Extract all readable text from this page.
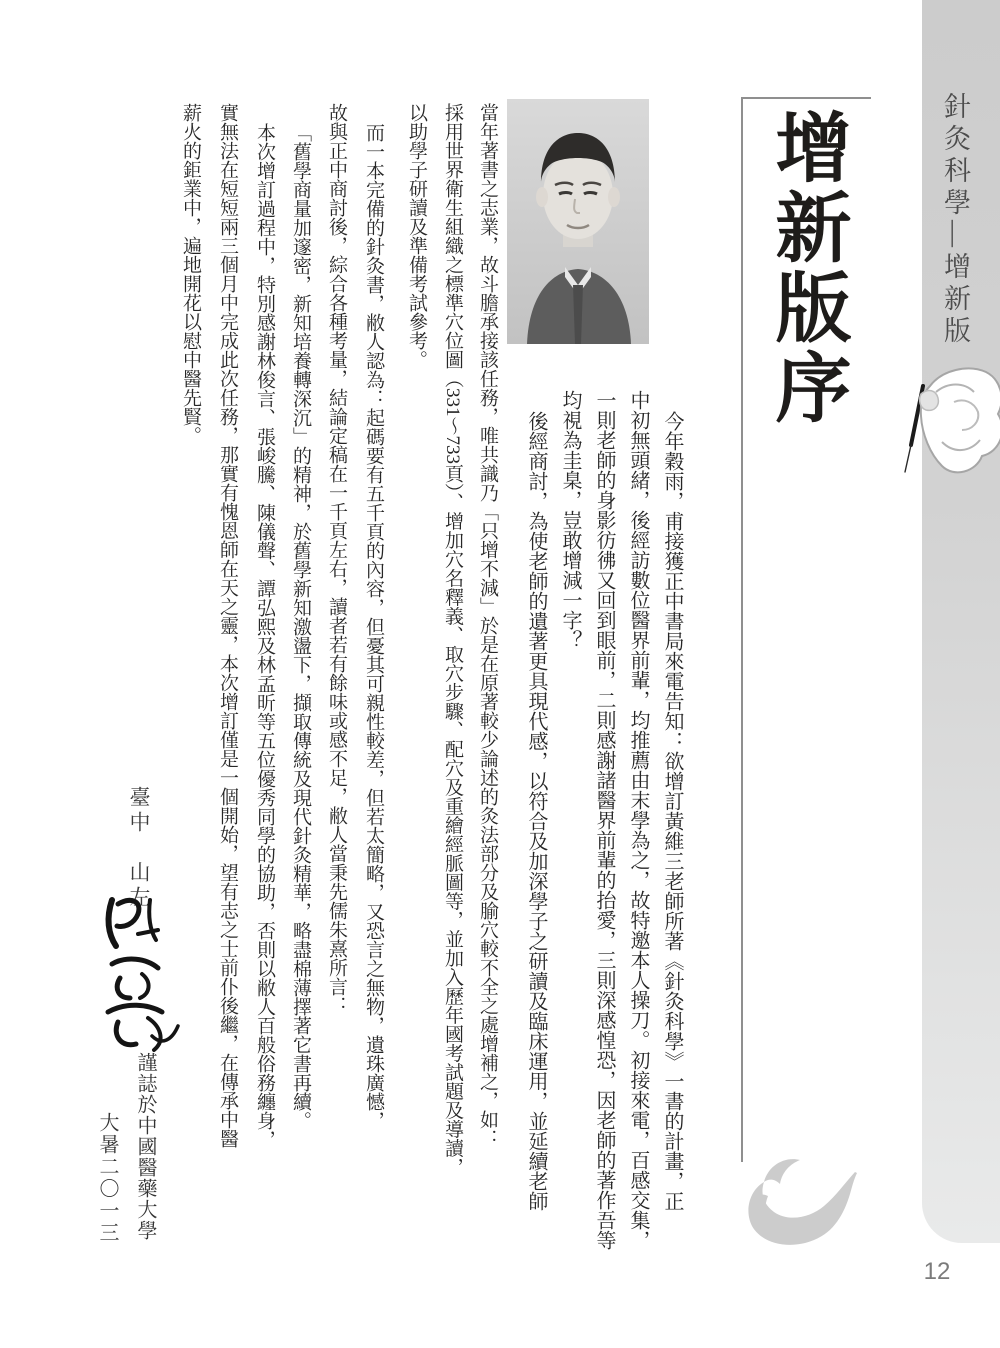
針灸科學—增新版
增新版序
今年穀雨，甫接獲正中書局來電告知：欲增訂黃維三老師所著《針灸科學》一書的計畫，正
中初無頭緒，後經訪數位醫界前輩，均推薦由末學為之，故特邀本人操刀。初接來電，百感交集，
一則老師的身影彷彿又回到眼前，二則感謝諸醫界前輩的抬愛，三則深感惶恐，因老師的著作吾等
均視為圭臬，豈敢增減一字？
後經商討，為使老師的遺著更具現代感，以符合及加深學子之研讀及臨床運用，並延續老師
當年著書之志業，故斗膽承接該任務，唯共識乃「只增不減」於是在原著較少論述的灸法部分及腧穴較不全之處增補之，如：
採用世界衛生組織之標準穴位圖（331～733頁）、增加穴名釋義、取穴步驟、配穴及重繪經脈圖等，並加入歷年國考試題及導讀，
以助學子研讀及準備考試參考。
而一本完備的針灸書，敝人認為：起碼要有五千頁的內容，但憂其可親性較差，但若太簡略，又恐言之無物，遺珠廣憾，
故與正中商討後，綜合各種考量，結論定稿在一千頁左右，讀者若有餘味或感不足，敝人當秉先儒朱熹所言：
「舊學商量加邃密，新知培養轉深沉」的精神，於舊學新知激盪下，擷取傳統及現代針灸精華，略盡棉薄擇著它書再續。
本次增訂過程中，特別感謝林俊言、張峻騰、陳儀聲、譚弘熙及林孟昕等五位優秀同學的協助，否則以敝人百般俗務纏身，
實無法在短短兩三個月中完成此次任務，那實有愧恩師在天之靈，本次增訂僅是一個開始，望有志之士前仆後繼，在傳承中醫
薪火的鉅業中，遍地開花以慰中醫先賢。
臺中　山左
謹誌於中國醫藥大學
大暑二〇一三
12
